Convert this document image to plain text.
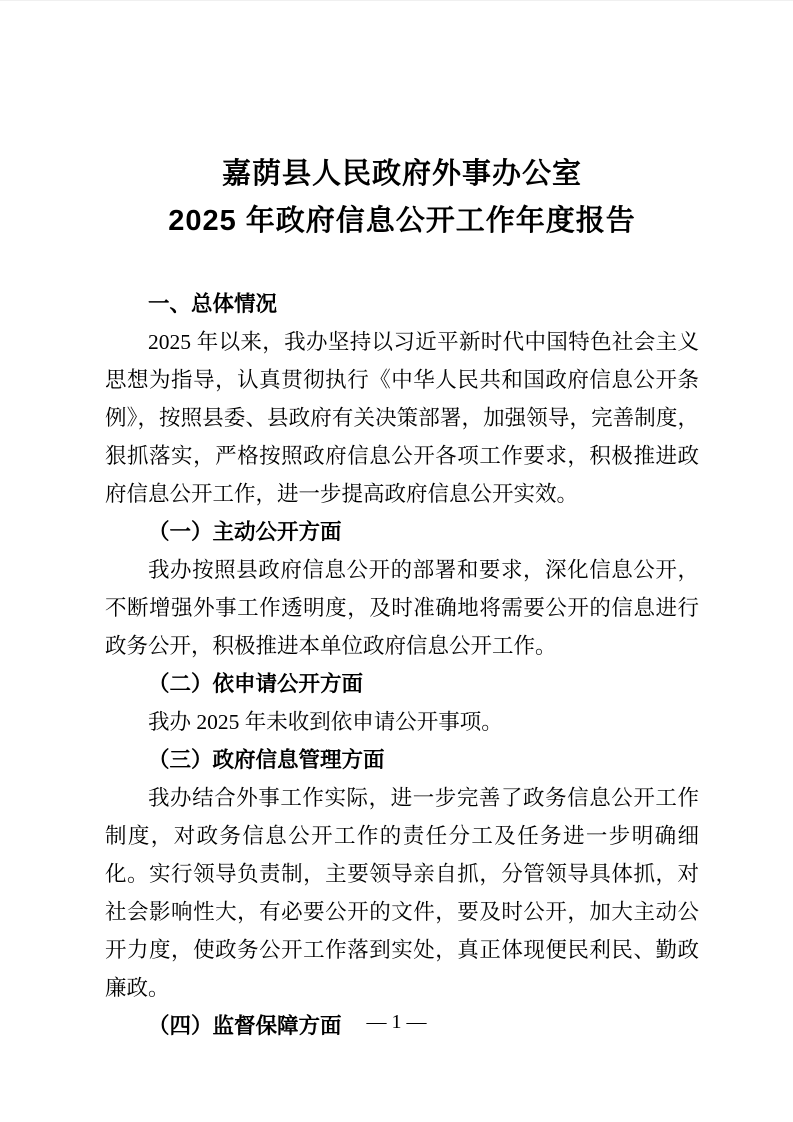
嘉荫县人民政府外事办公室
2025 年政府信息公开工作年度报告

一、总体情况

2025 年以来，我办坚持以习近平新时代中国特色社会主义思想为指导，认真贯彻执行《中华人民共和国政府信息公开条例》，按照县委、县政府有关决策部署，加强领导，完善制度，狠抓落实，严格按照政府信息公开各项工作要求，积极推进政府信息公开工作，进一步提高政府信息公开实效。

（一）主动公开方面

我办按照县政府信息公开的部署和要求，深化信息公开，不断增强外事工作透明度，及时准确地将需要公开的信息进行政务公开，积极推进本单位政府信息公开工作。

（二）依申请公开方面

我办 2025 年未收到依申请公开事项。

（三）政府信息管理方面

我办结合外事工作实际，进一步完善了政务信息公开工作制度，对政务信息公开工作的责任分工及任务进一步明确细化。实行领导负责制，主要领导亲自抓，分管领导具体抓，对社会影响性大，有必要公开的文件，要及时公开，加大主动公开力度，使政务公开工作落到实处，真正体现便民利民、勤政廉政。

（四）监督保障方面	— 1 —
